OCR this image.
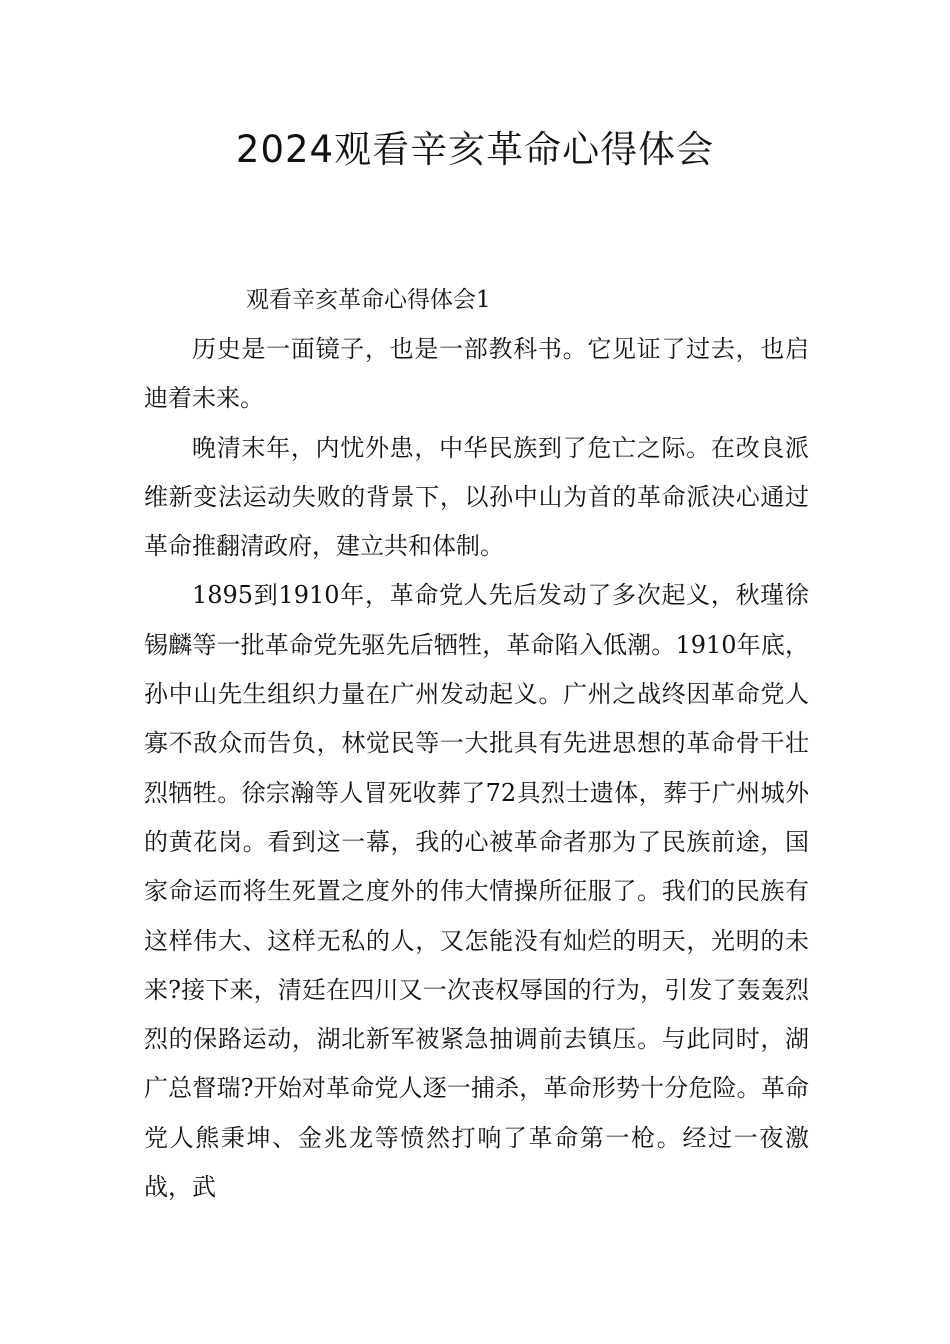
2024观看辛亥革命心得体会

观看辛亥革命心得体会1

历史是一面镜子，也是一部教科书。它见证了过去，也启迪着未来。

晚清末年，内忧外患，中华民族到了危亡之际。在改良派维新变法运动失败的背景下，以孙中山为首的革命派决心通过革命推翻清政府，建立共和体制。

1895到1910年，革命党人先后发动了多次起义，秋瑾徐锡麟等一批革命党先驱先后牺牲，革命陷入低潮。1910年底，孙中山先生组织力量在广州发动起义。广州之战终因革命党人寡不敌众而告负，林觉民等一大批具有先进思想的革命骨干壮烈牺牲。徐宗瀚等人冒死收葬了72具烈士遗体，葬于广州城外的黄花岗。看到这一幕，我的心被革命者那为了民族前途，国家命运而将生死置之度外的伟大情操所征服了。我们的民族有这样伟大、这样无私的人，又怎能没有灿烂的明天，光明的未来?接下来，清廷在四川又一次丧权辱国的行为，引发了轰轰烈烈的保路运动，湖北新军被紧急抽调前去镇压。与此同时，湖广总督瑞?开始对革命党人逐一捕杀，革命形势十分危险。革命党人熊秉坤、金兆龙等愤然打响了革命第一枪。经过一夜激战，武
